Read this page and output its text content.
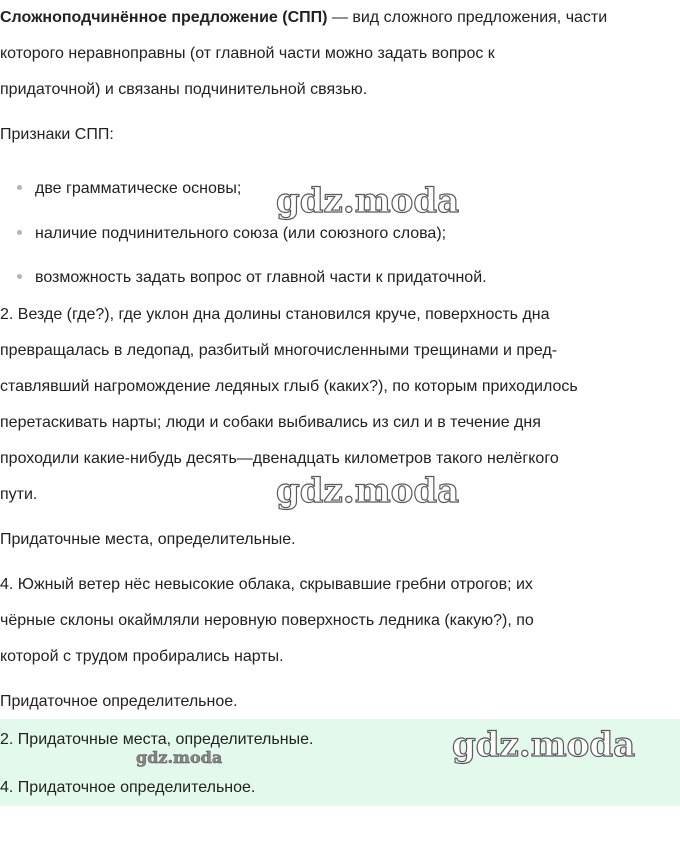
Сложноподчинённое предложение (СПП) — вид сложного предложения, части
которого неравноправны (от главной части можно задать вопрос к
придаточной) и связаны подчинительной связью.
Признаки СПП:
две грамматическе основы;
наличие подчинительного союза (или союзного слова);
возможность задать вопрос от главной части к придаточной.
2. Везде (где?), где уклон дна долины становился круче, поверхность дна
превращалась в ледопад, разбитый многочисленными трещинами и пред-
ставлявший нагромождение ледяных глыб (каких?), по которым приходилось
перетаскивать нарты; люди и собаки выбивались из сил и в течение дня
проходили какие-нибудь десять—двенадцать километров такого нелёгкого
пути.
Придаточные места, определительные.
4. Южный ветер нёс невысокие облака, скрывавшие гребни отрогов; их
чёрные склоны окаймляли неровную поверхность ледника (какую?), по
которой с трудом пробирались нарты.
Придаточное определительное.
2. Придаточные места, определительные.
4. Придаточное определительное.
gdz.moda
gdz.moda
gdz.moda
gdz.moda
